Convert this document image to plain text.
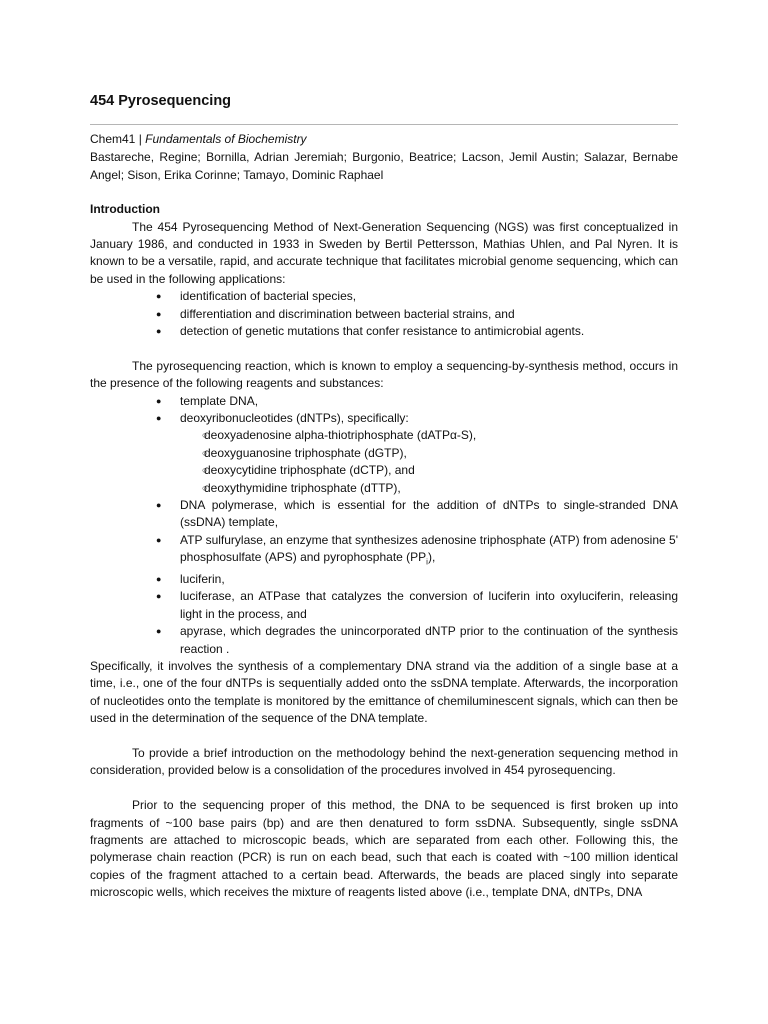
454 Pyrosequencing
Chem41 | Fundamentals of Biochemistry
Bastareche, Regine; Bornilla, Adrian Jeremiah; Burgonio, Beatrice; Lacson, Jemil Austin; Salazar, Bernabe Angel; Sison, Erika Corinne; Tamayo, Dominic Raphael
Introduction

The 454 Pyrosequencing Method of Next-Generation Sequencing (NGS) was first conceptualized in January 1986, and conducted in 1933 in Sweden by Bertil Pettersson, Mathias Uhlen, and Pal Nyren. It is known to be a versatile, rapid, and accurate technique that facilitates microbial genome sequencing, which can be used in the following applications:

● identification of bacterial species,
● differentiation and discrimination between bacterial strains, and
● detection of genetic mutations that confer resistance to antimicrobial agents.

The pyrosequencing reaction, which is known to employ a sequencing-by-synthesis method, occurs in the presence of the following reagents and substances:

● template DNA,
● deoxyribonucleotides (dNTPs), specifically:
○ deoxyadenosine alpha-thiotriphosphate (dATPα-S),
○ deoxyguanosine triphosphate (dGTP),
○ deoxycytidine triphosphate (dCTP), and
○ deoxythymidine triphosphate (dTTP),
● DNA polymerase, which is essential for the addition of dNTPs to single-stranded DNA (ssDNA) template,
● ATP sulfurylase, an enzyme that synthesizes adenosine triphosphate (ATP) from adenosine 5' phosphosulfate (APS) and pyrophosphate $(PP_i)$,
● luciferin,
● luciferase, an ATPase that catalyzes the conversion of luciferin into oxyluciferin, releasing light in the process, and
● apyrase, which degrades the unincorporated dNTP prior to the continuation of the synthesis reaction .

Specifically, it involves the synthesis of a complementary DNA strand via the addition of a single base at a time, i.e., one of the four dNTPs is sequentially added onto the ssDNA template. Afterwards, the incorporation of nucleotides onto the template is monitored by the emittance of chemiluminescent signals, which can then be used in the determination of the sequence of the DNA template.

To provide a brief introduction on the methodology behind the next-generation sequencing method in consideration, provided below is a consolidation of the procedures involved in 454 pyrosequencing.

Prior to the sequencing proper of this method, the DNA to be sequenced is first broken up into fragments of ~100 base pairs (bp) and are then denatured to form ssDNA. Subsequently, single ssDNA fragments are attached to microscopic beads, which are separated from each other. Following this, the polymerase chain reaction (PCR) is run on each bead, such that each is coated with ~100 million identical copies of the fragment attached to a certain bead. Afterwards, the beads are placed singly into separate microscopic wells, which receives the mixture of reagents listed above (i.e., template DNA, dNTPs, DNA
